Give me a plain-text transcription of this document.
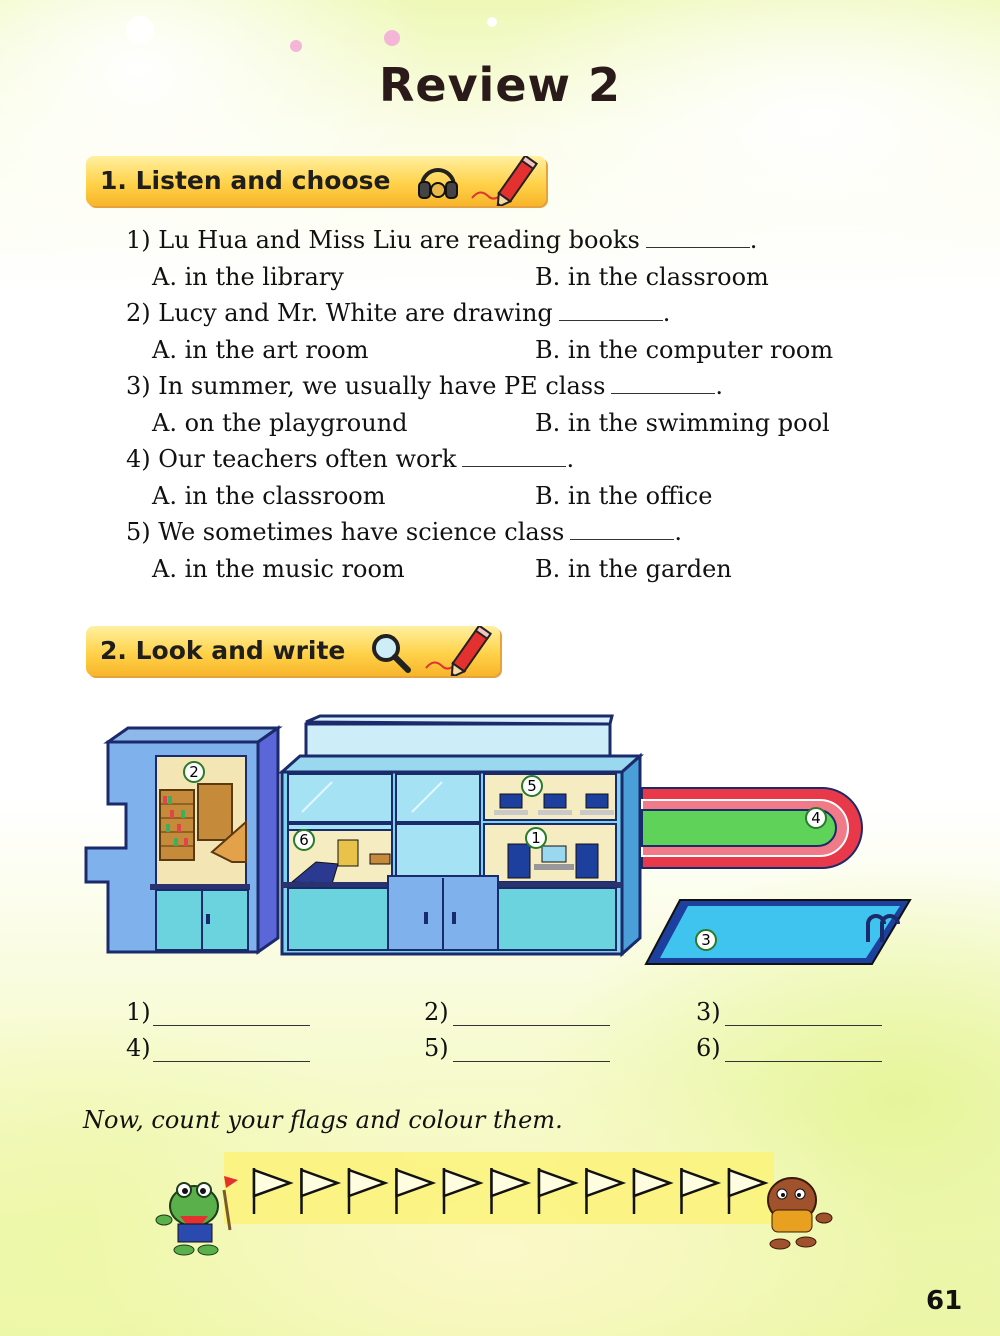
Review 2
1. Listen and choose
1) Lu Hua and Miss Liu are reading books	.
A. in the library	B. in the classroom
2) Lucy and Mr. White are drawing	.
A. in the art room	B. in the computer room
3) In summer, we usually have PE class	.
A. on the playground	B. in the swimming pool
4) Our teachers often work	.
A. in the classroom	B. in the office
5) We sometimes have science class	.
A. in the music room	B. in the garden
2. Look and write
1
2
3
4
5
6
1)	2)	3)
4)	5)	6)
Now, count your flags and colour them.
61
